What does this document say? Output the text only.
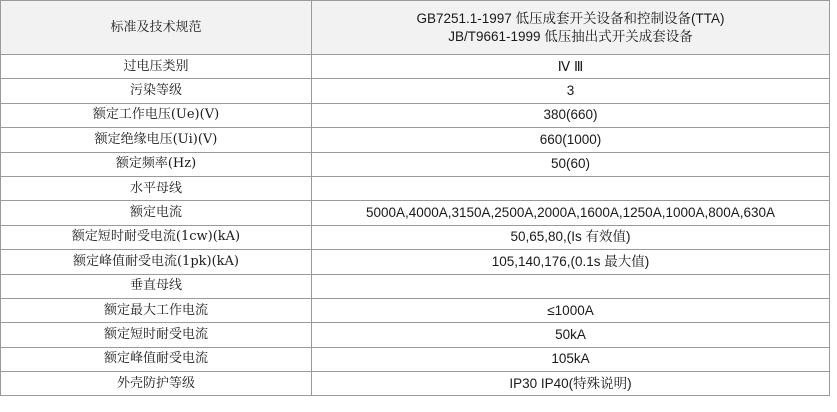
标准及技术规范	GB7251.1-1997 低压成套开关设备和控制设备(TTA)
JB/T9661-1999 低压抽出式开关成套设备

过电压类别	Ⅳ Ⅲ
污染等级	3
额定工作电压(Ue)(V)	380(660)
额定绝缘电压(Ui)(V)	660(1000)
额定频率(Hz)	50(60)
水平母线	
额定电流	5000A,4000A,3150A,2500A,2000A,1600A,1250A,1000A,800A,630A
额定短时耐受电流(1cw)(kA)	50,65,80,(Is 有效值)
额定峰值耐受电流(1pk)(kA)	105,140,176,(0.1s 最大值)
垂直母线	
额定最大工作电流	≤1000A
额定短时耐受电流	50kA
额定峰值耐受电流	105kA
外壳防护等级	IP30 IP40(特殊说明)
